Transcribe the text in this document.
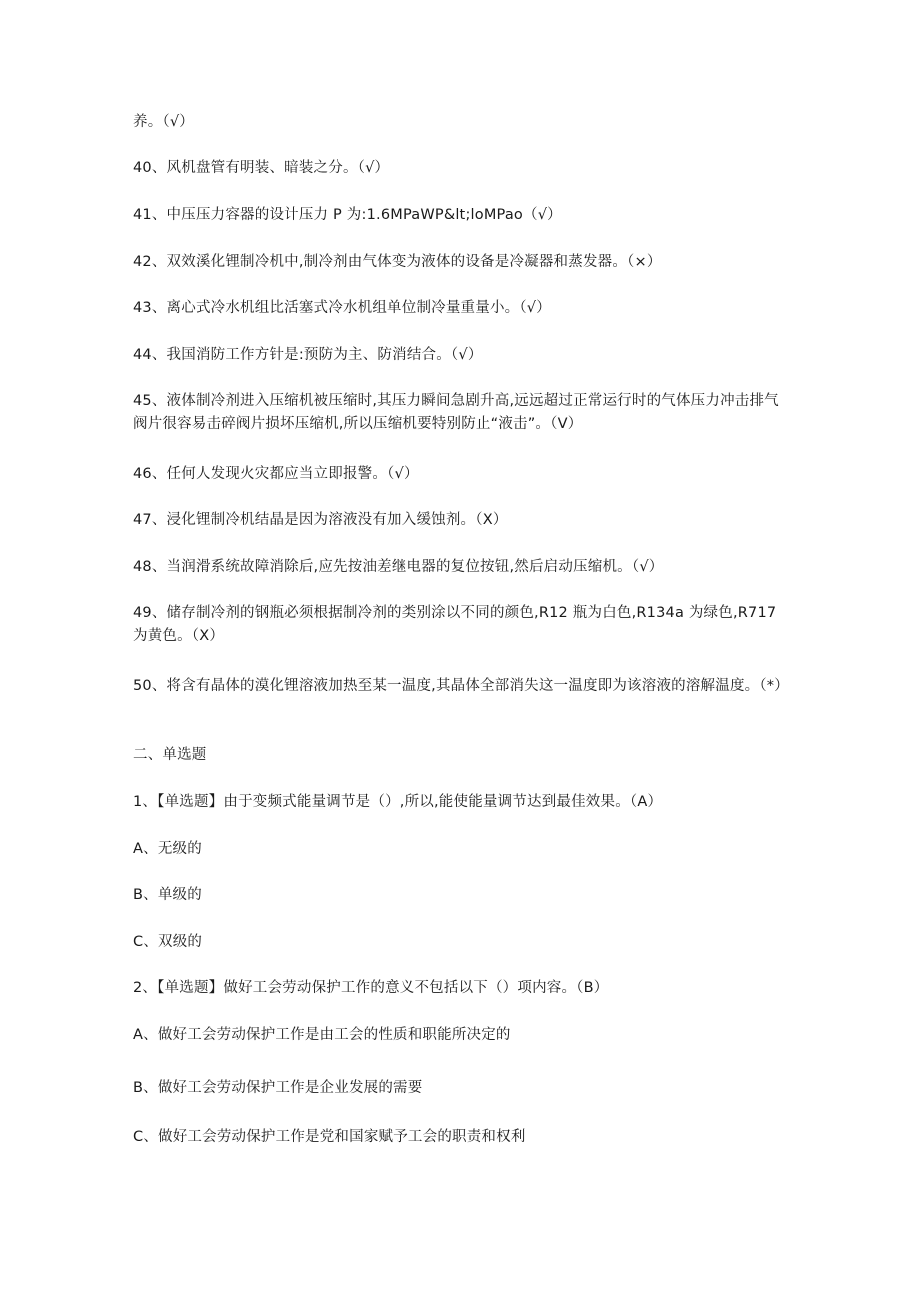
养。（√）
40、风机盘管有明装、暗装之分。（√）
41、中压压力容器的设计压力 P 为:1.6MPaWP&lt;loMPao（√）
42、双效溪化锂制冷机中,制冷剂由气体变为液体的设备是冷凝器和蒸发器。（×）
43、离心式冷水机组比活塞式冷水机组单位制冷量重量小。（√）
44、我国消防工作方针是:预防为主、防消结合。（√）
45、液体制冷剂进入压缩机被压缩时,其压力瞬间急剧升高,远远超过正常运行时的气体压力冲击排气阀片很容易击碎阀片损坏压缩机,所以压缩机要特别防止“液击”。（V）
46、任何人发现火灾都应当立即报警。（√）
47、浸化锂制冷机结晶是因为溶液没有加入缓蚀剂。（X）
48、当润滑系统故障消除后,应先按油差继电器的复位按钮,然后启动压缩机。（√）
49、储存制冷剂的钢瓶必须根据制冷剂的类别涂以不同的颜色,R12 瓶为白色,R134a 为绿色,R717 为黄色。（X）
50、将含有晶体的漠化锂溶液加热至某一温度,其晶体全部消失这一温度即为该溶液的溶解温度。（*）
二、单选题
1、【单选题】由于变频式能量调节是（）,所以,能使能量调节达到最佳效果。（A）
A、无级的
B、单级的
C、双级的
2、【单选题】做好工会劳动保护工作的意义不包括以下（）项内容。（B）
A、做好工会劳动保护工作是由工会的性质和职能所决定的
B、做好工会劳动保护工作是企业发展的需要
C、做好工会劳动保护工作是党和国家赋予工会的职责和权利
